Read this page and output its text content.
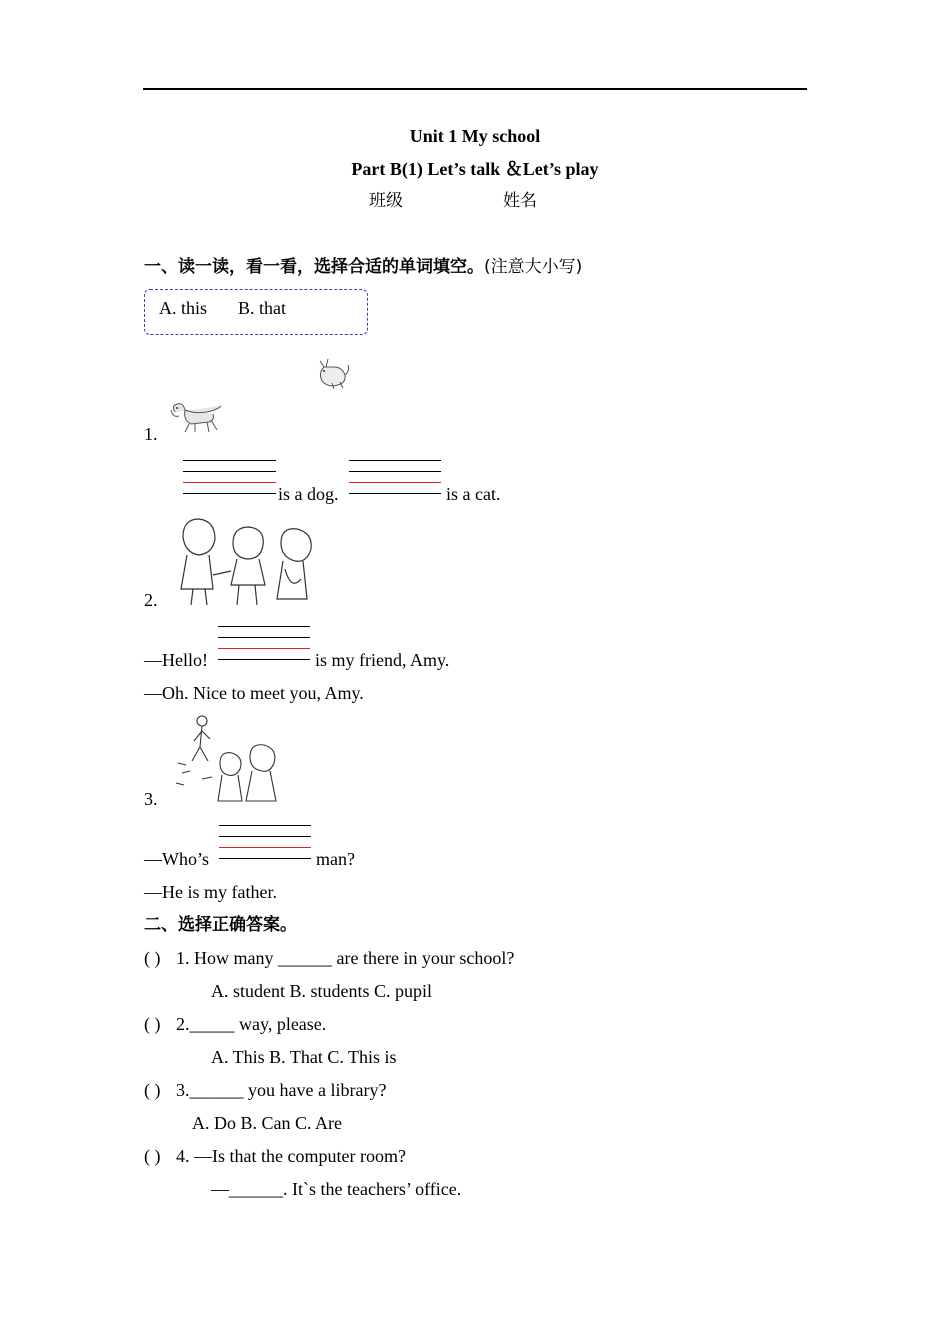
Unit 1 My school
Part B(1) Let’s talk ＆Let’s play
班级	姓名
一、读一读，看一看，选择合适的单词填空。(注意大小写)
A. this B. that
1.
is a dog.	is a cat.
2.
—Hello!	is my friend, Amy.
—Oh. Nice to meet you, Amy.
3.
—Who’s	man?
—He is my father.
二、选择正确答案。
( ) 1. How many ______ are there in your school?
A. student B. students C. pupil
( ) 2._____ way, please.
A. This B. That C. This is
( ) 3.______ you have a library?
A. Do B. Can C. Are
( ) 4. —Is that the computer room?
—______. It`s the teachers’ office.
